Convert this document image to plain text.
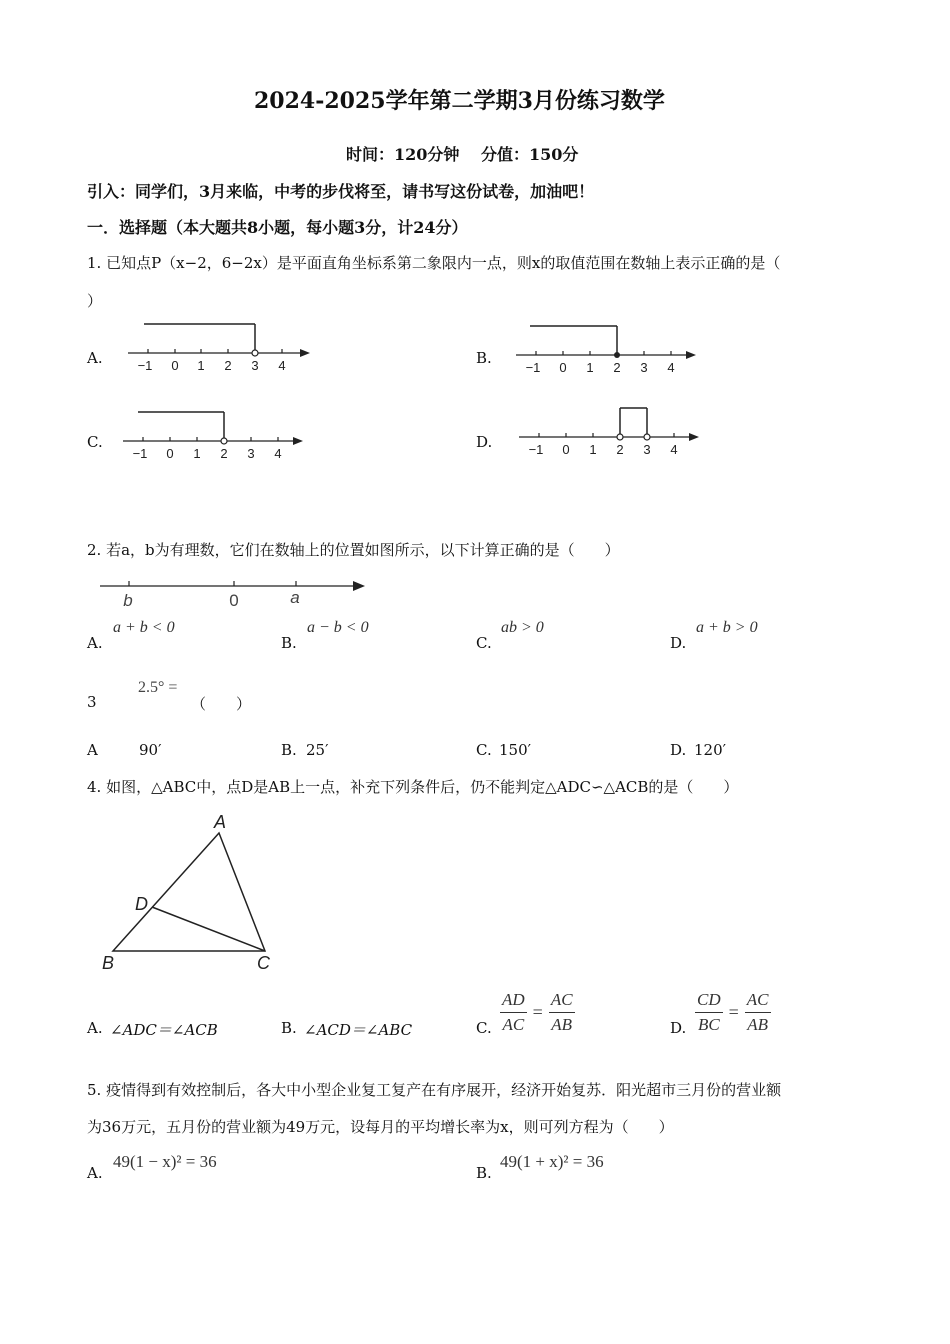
2024-2025学年第二学期3月份练习数学
时间：120分钟　 分值：150分
引入：同学们，3月来临，中考的步伐将至，请书写这份试卷，加油吧！
一．选择题（本大题共8小题，每小题3分，计24分）
1. 已知点P（x−2，6−2x）是平面直角坐标系第二象限内一点，则x的取值范围在数轴上表示正确的是（
）
A.	B.
C.	D.
−1 0 1 2 3 4	−1 0 1 2 3 4
−1 0 1 2 3 4	−1 0 1 2 3 4
2. 若a，b为有理数，它们在数轴上的位置如图所示，以下计算正确的是（　　）
b	0	a
A.
a + b < 0
B.
a − b < 0
C.
ab > 0
D.
a + b > 0
3
2.5° =
（　　）
A	90′	B. 25′	C. 150′	D. 120′
4. 如图，△ABC中，点D是AB上一点，补充下列条件后，仍不能判定△ADC∽△ACB的是（　　）
A
B	C
D
A. ∠ADC＝∠ACB	B. ∠ACD＝∠ABC	C. $\frac{AD}{AC} = \frac{AC}{AB}$	D. $\frac{CD}{BC} = \frac{AC}{AB}$
5. 疫情得到有效控制后，各大中小型企业复工复产在有序展开，经济开始复苏．阳光超市三月份的营业额
为36万元，五月份的营业额为49万元，设每月的平均增长率为x，则可列方程为（　　）
A.
49(1 − x)² = 36
B.
49(1 + x)² = 36
